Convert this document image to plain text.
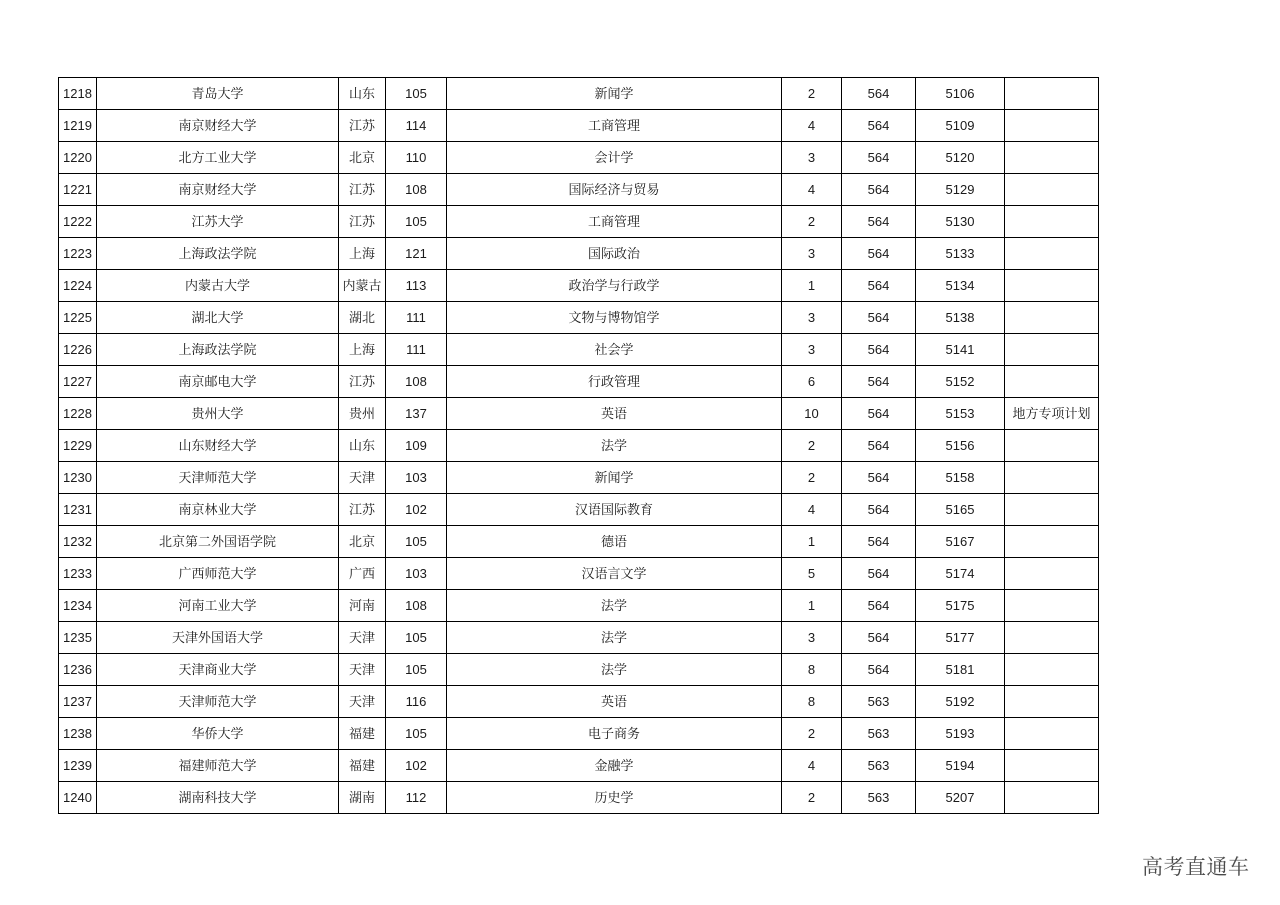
1218	青岛大学	山东	105	新闻学	2	564	5106	
1219	南京财经大学	江苏	114	工商管理	4	564	5109	
1220	北方工业大学	北京	110	会计学	3	564	5120	
1221	南京财经大学	江苏	108	国际经济与贸易	4	564	5129	
1222	江苏大学	江苏	105	工商管理	2	564	5130	
1223	上海政法学院	上海	121	国际政治	3	564	5133	
1224	内蒙古大学	内蒙古	113	政治学与行政学	1	564	5134	
1225	湖北大学	湖北	111	文物与博物馆学	3	564	5138	
1226	上海政法学院	上海	111	社会学	3	564	5141	
1227	南京邮电大学	江苏	108	行政管理	6	564	5152	
1228	贵州大学	贵州	137	英语	10	564	5153	地方专项计划
1229	山东财经大学	山东	109	法学	2	564	5156	
1230	天津师范大学	天津	103	新闻学	2	564	5158	
1231	南京林业大学	江苏	102	汉语国际教育	4	564	5165	
1232	北京第二外国语学院	北京	105	德语	1	564	5167	
1233	广西师范大学	广西	103	汉语言文学	5	564	5174	
1234	河南工业大学	河南	108	法学	1	564	5175	
1235	天津外国语大学	天津	105	法学	3	564	5177	
1236	天津商业大学	天津	105	法学	8	564	5181	
1237	天津师范大学	天津	116	英语	8	563	5192	
1238	华侨大学	福建	105	电子商务	2	563	5193	
1239	福建师范大学	福建	102	金融学	4	563	5194	
1240	湖南科技大学	湖南	112	历史学	2	563	5207	
高考直通车
